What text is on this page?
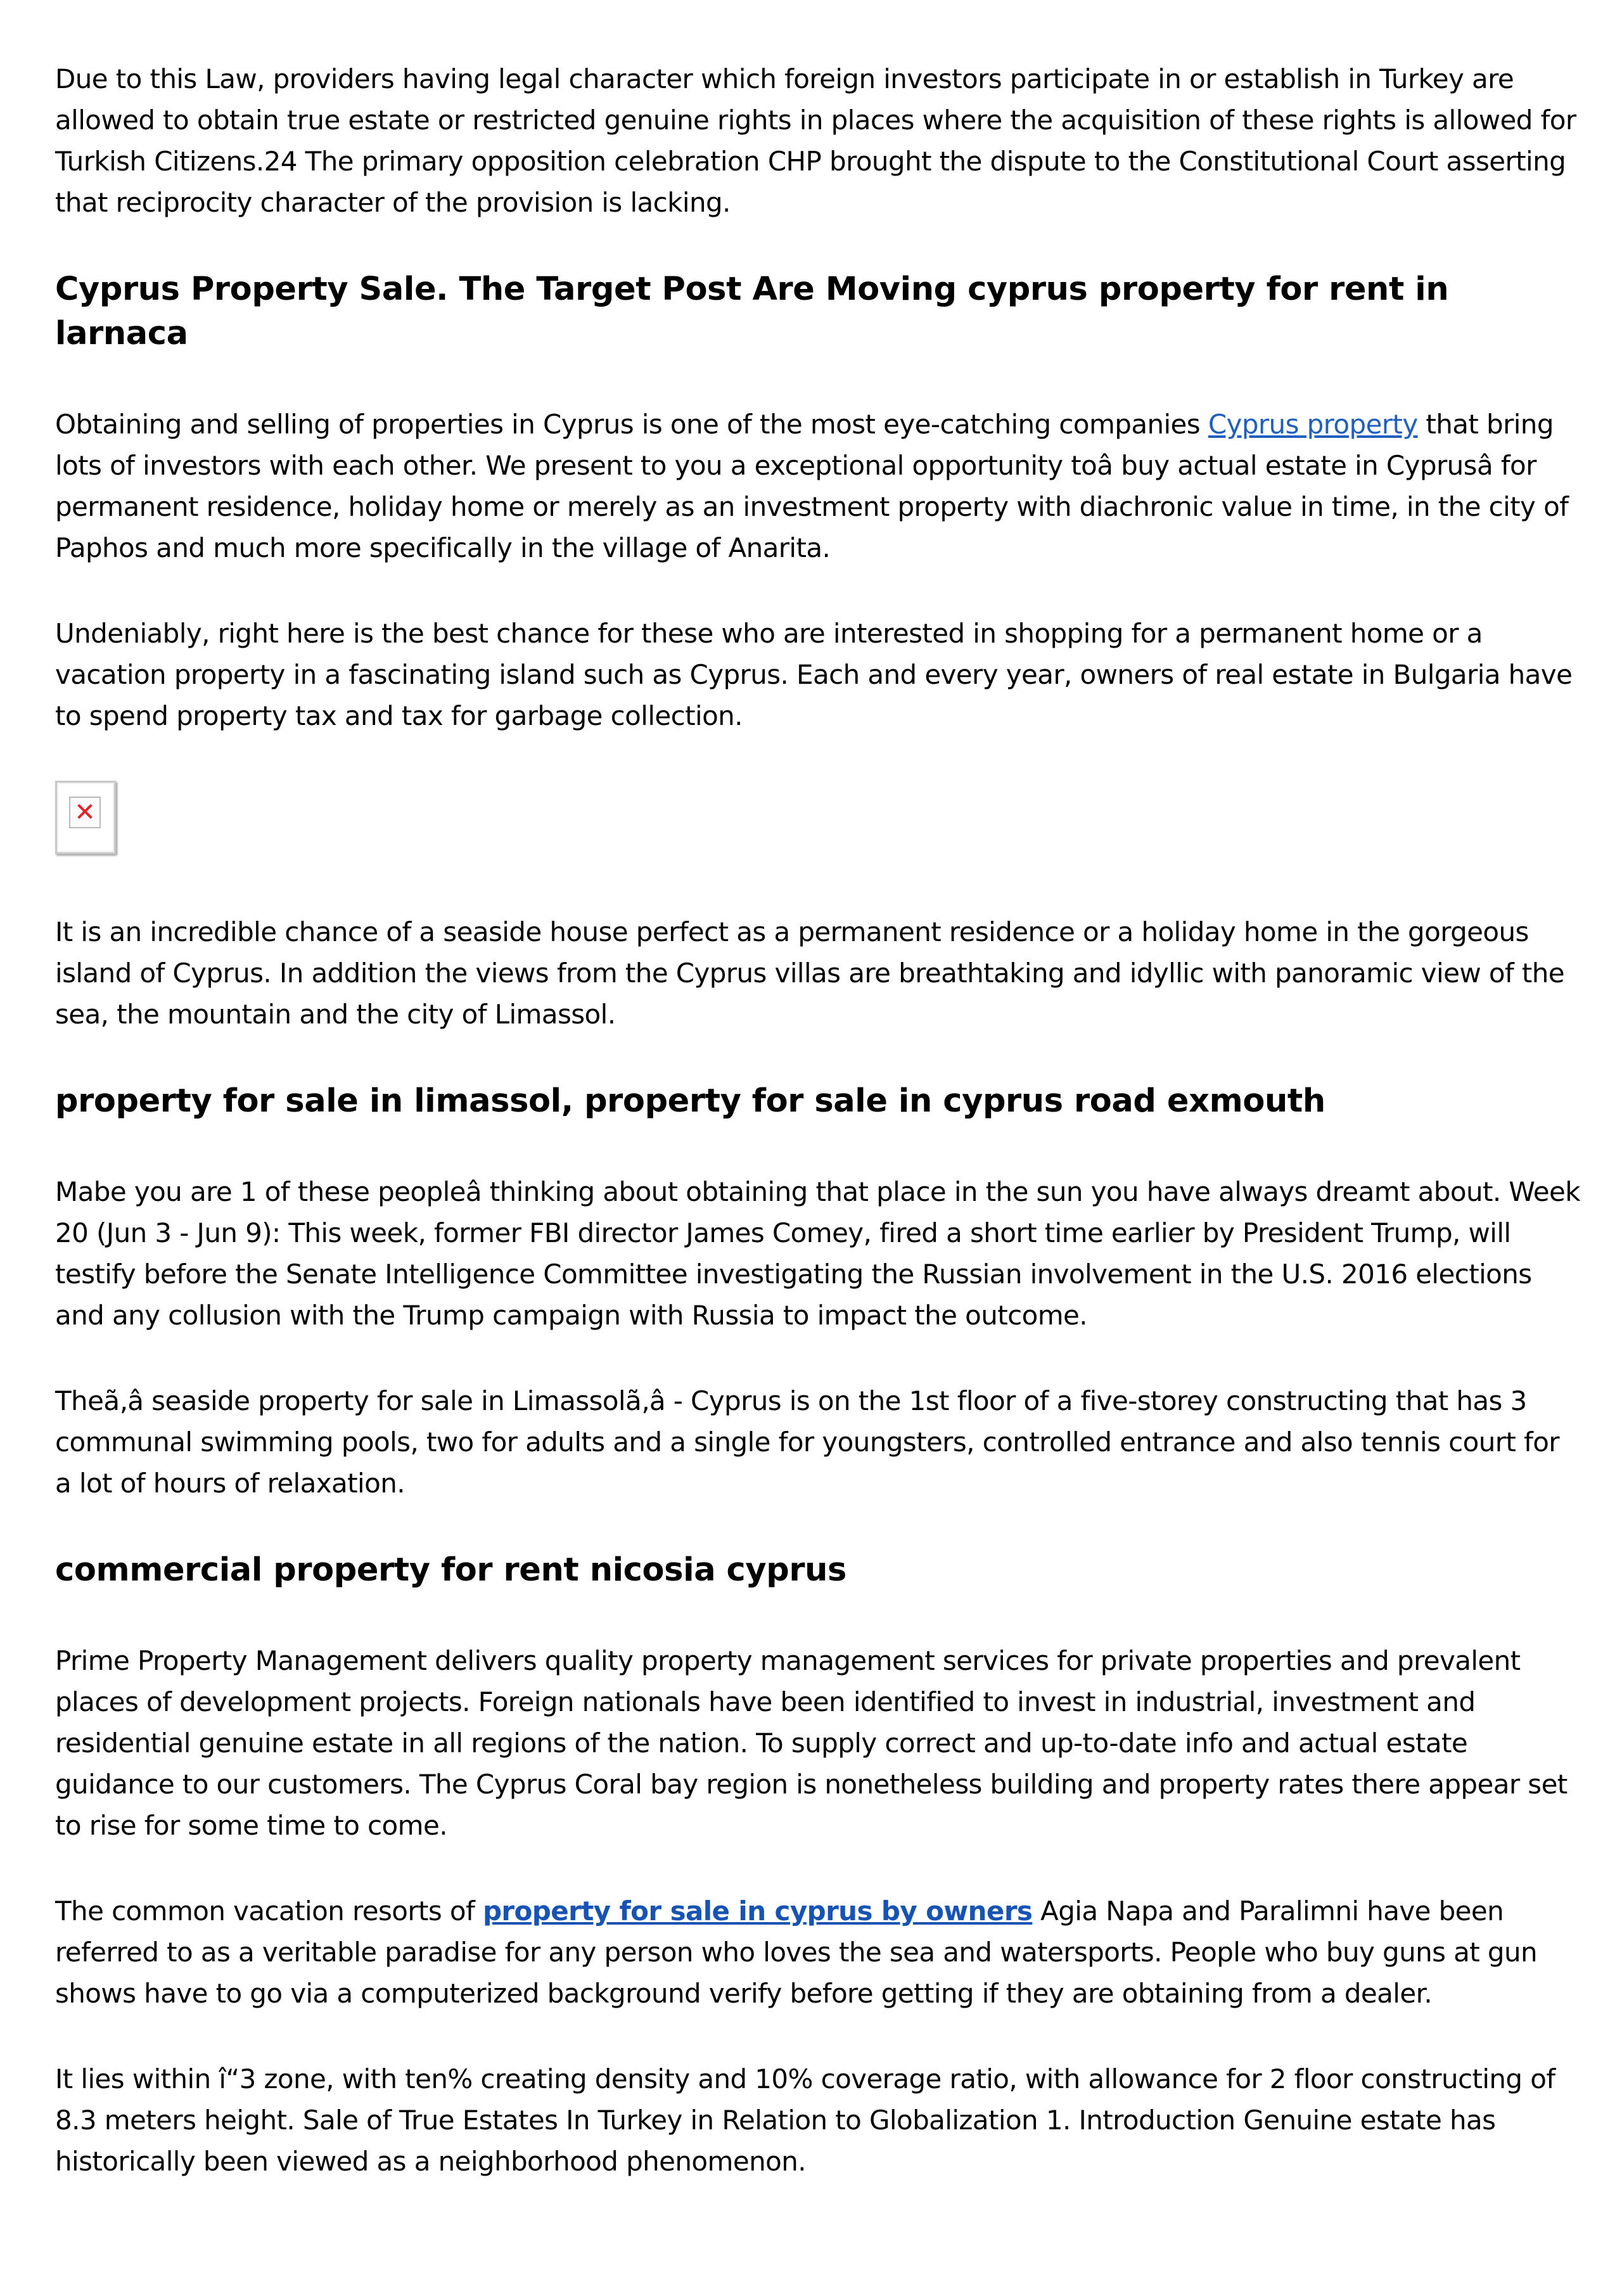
Due to this Law, providers having legal character which foreign investors participate in or establish in Turkey are allowed to obtain true estate or restricted genuine rights in places where the acquisition of these rights is allowed for Turkish Citizens.24 The primary opposition celebration CHP brought the dispute to the Constitutional Court asserting that reciprocity character of the provision is lacking.

Cyprus Property Sale. The Target Post Are Moving cyprus property for rent in larnaca

Obtaining and selling of properties in Cyprus is one of the most eye-catching companies Cyprus property that bring lots of investors with each other. We present to you a exceptional opportunity toâ buy actual estate in Cyprusâ for permanent residence, holiday home or merely as an investment property with diachronic value in time, in the city of Paphos and much more specifically in the village of Anarita.

Undeniably, right here is the best chance for these who are interested in shopping for a permanent home or a vacation property in a fascinating island such as Cyprus. Each and every year, owners of real estate in Bulgaria have to spend property tax and tax for garbage collection.

✕

It is an incredible chance of a seaside house perfect as a permanent residence or a holiday home in the gorgeous island of Cyprus. In addition the views from the Cyprus villas are breathtaking and idyllic with panoramic view of the sea, the mountain and the city of Limassol.

property for sale in limassol, property for sale in cyprus road exmouth

Mabe you are 1 of these peopleâ thinking about obtaining that place in the sun you have always dreamt about. Week 20 (Jun 3 - Jun 9): This week, former FBI director James Comey, fired a short time earlier by President Trump, will testify before the Senate Intelligence Committee investigating the Russian involvement in the U.S. 2016 elections and any collusion with the Trump campaign with Russia to impact the outcome.

Theã‚â seaside property for sale in Limassolã‚â - Cyprus is on the 1st floor of a five-storey constructing that has 3 communal swimming pools, two for adults and a single for youngsters, controlled entrance and also tennis court for a lot of hours of relaxation.

commercial property for rent nicosia cyprus

Prime Property Management delivers quality property management services for private properties and prevalent places of development projects. Foreign nationals have been identified to invest in industrial, investment and residential genuine estate in all regions of the nation. To supply correct and up-to-date info and actual estate guidance to our customers. The Cyprus Coral bay region is nonetheless building and property rates there appear set to rise for some time to come.

The common vacation resorts of property for sale in cyprus by owners Agia Napa and Paralimni have been referred to as a veritable paradise for any person who loves the sea and watersports. People who buy guns at gun shows have to go via a computerized background verify before getting if they are obtaining from a dealer.

It lies within î“3 zone, with ten% creating density and 10% coverage ratio, with allowance for 2 floor constructing of 8.3 meters height. Sale of True Estates In Turkey in Relation to Globalization 1. Introduction Genuine estate has historically been viewed as a neighborhood phenomenon.
